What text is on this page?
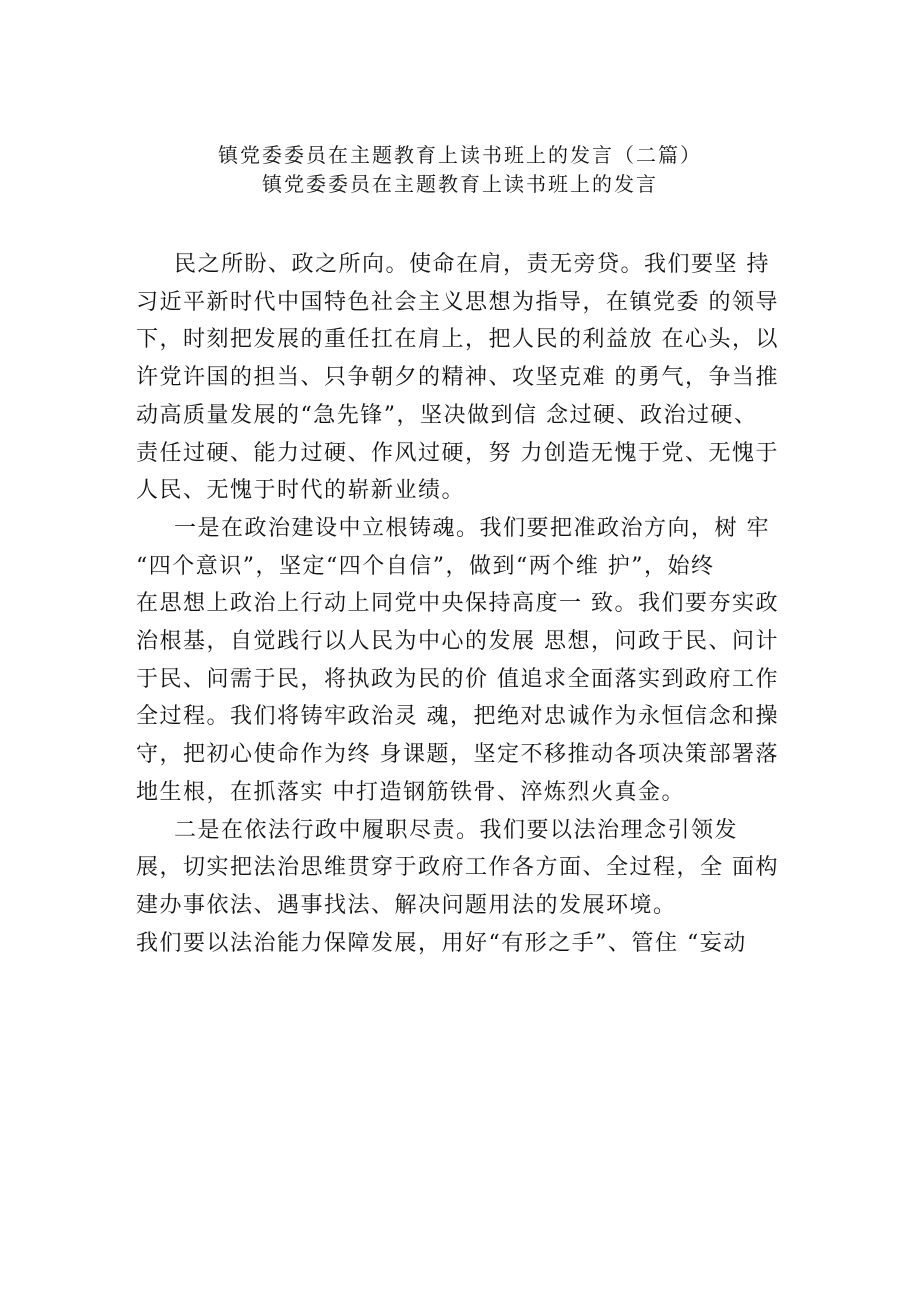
镇党委委员在主题教育上读书班上的发言（二篇）
镇党委委员在主题教育上读书班上的发言
民之所盼、政之所向。使命在肩，责无旁贷。我们要坚 持
习近平新时代中国特色社会主义思想为指导，在镇党委 的领导
下，时刻把发展的重任扛在肩上，把人民的利益放 在心头，以
许党许国的担当、只争朝夕的精神、攻坚克难 的勇气，争当推
动高质量发展的“急先锋”，坚决做到信 念过硬、政治过硬、
责任过硬、能力过硬、作风过硬，努 力创造无愧于党、无愧于
人民、无愧于时代的崭新业绩。
一是在政治建设中立根铸魂。我们要把准政治方向，树 牢
“四个意识”，坚定“四个自信”，做到“两个维 护”，始终
在思想上政治上行动上同党中央保持高度一 致。我们要夯实政
治根基，自觉践行以人民为中心的发展 思想，问政于民、问计
于民、问需于民，将执政为民的价 值追求全面落实到政府工作
全过程。我们将铸牢政治灵 魂，把绝对忠诚作为永恒信念和操
守，把初心使命作为终 身课题，坚定不移推动各项决策部署落
地生根，在抓落实 中打造钢筋铁骨、淬炼烈火真金。
二是在依法行政中履职尽责。我们要以法治理念引领发
展，切实把法治思维贯穿于政府工作各方面、全过程，全 面构
建办事依法、遇事找法、解决问题用法的发展环境。
我们要以法治能力保障发展，用好“有形之手”、管住 “妄动
